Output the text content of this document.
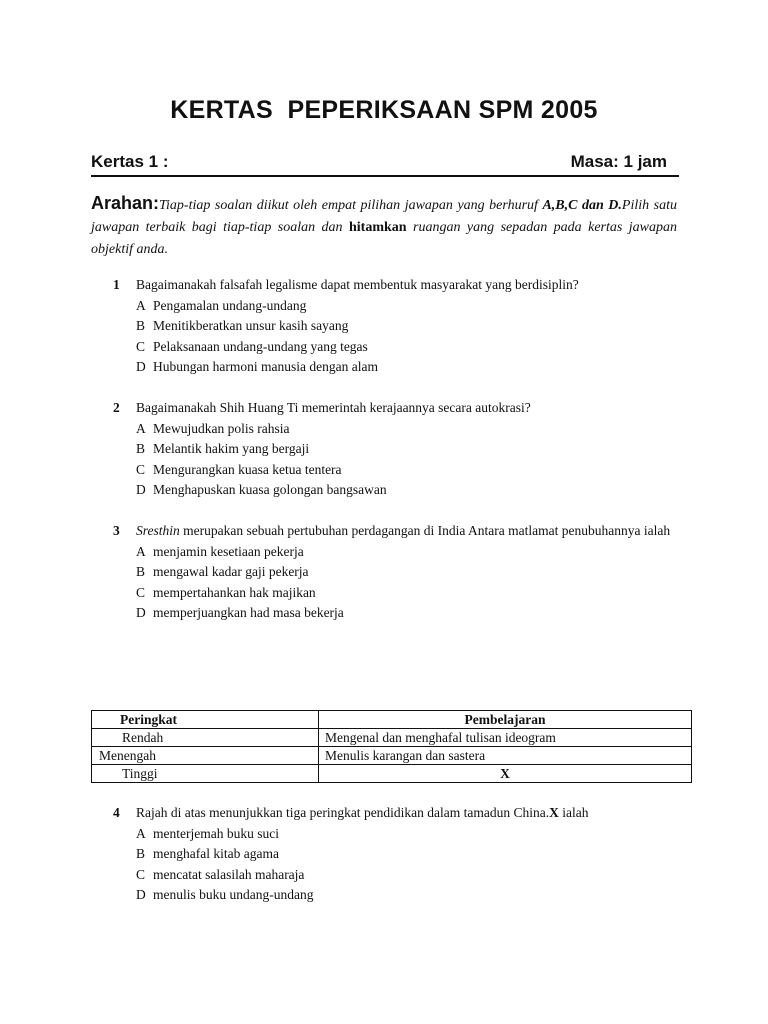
KERTAS  PEPERIKSAAN SPM 2005
Kertas 1 :	Masa: 1 jam
Arahan:Tiap-tiap soalan diikut oleh empat pilihan jawapan yang berhuruf A,B,C dan D.Pilih satu jawapan terbaik bagi tiap-tiap soalan dan hitamkan ruangan yang sepadan pada kertas jawapan objektif anda.
1 Bagaimanakah falsafah legalisme dapat membentuk masyarakat yang berdisiplin?
A Pengamalan undang-undang
B Menitikberatkan unsur kasih sayang
C Pelaksanaan undang-undang yang tegas
D Hubungan harmoni manusia dengan alam
2 Bagaimanakah Shih Huang Ti memerintah kerajaannya secara autokrasi?
A Mewujudkan polis rahsia
B Melantik hakim yang bergaji
C Mengurangkan kuasa ketua tentera
D Menghapuskan kuasa golongan bangsawan
3 Sresthin merupakan sebuah pertubuhan perdagangan di India Antara matlamat penubuhannya ialah
A menjamin kesetiaan pekerja
B mengawal kadar gaji pekerja
C mempertahankan hak majikan
D memperjuangkan had masa bekerja
Peringkat	Pembelajaran
Rendah	Mengenal dan menghafal tulisan ideogram
Menengah	Menulis karangan dan sastera
Tinggi	X
4 Rajah di atas menunjukkan tiga peringkat pendidikan dalam tamadun China.X ialah
A menterjemah buku suci
B menghafal kitab agama
C mencatat salasilah maharaja
D menulis buku undang-undang
